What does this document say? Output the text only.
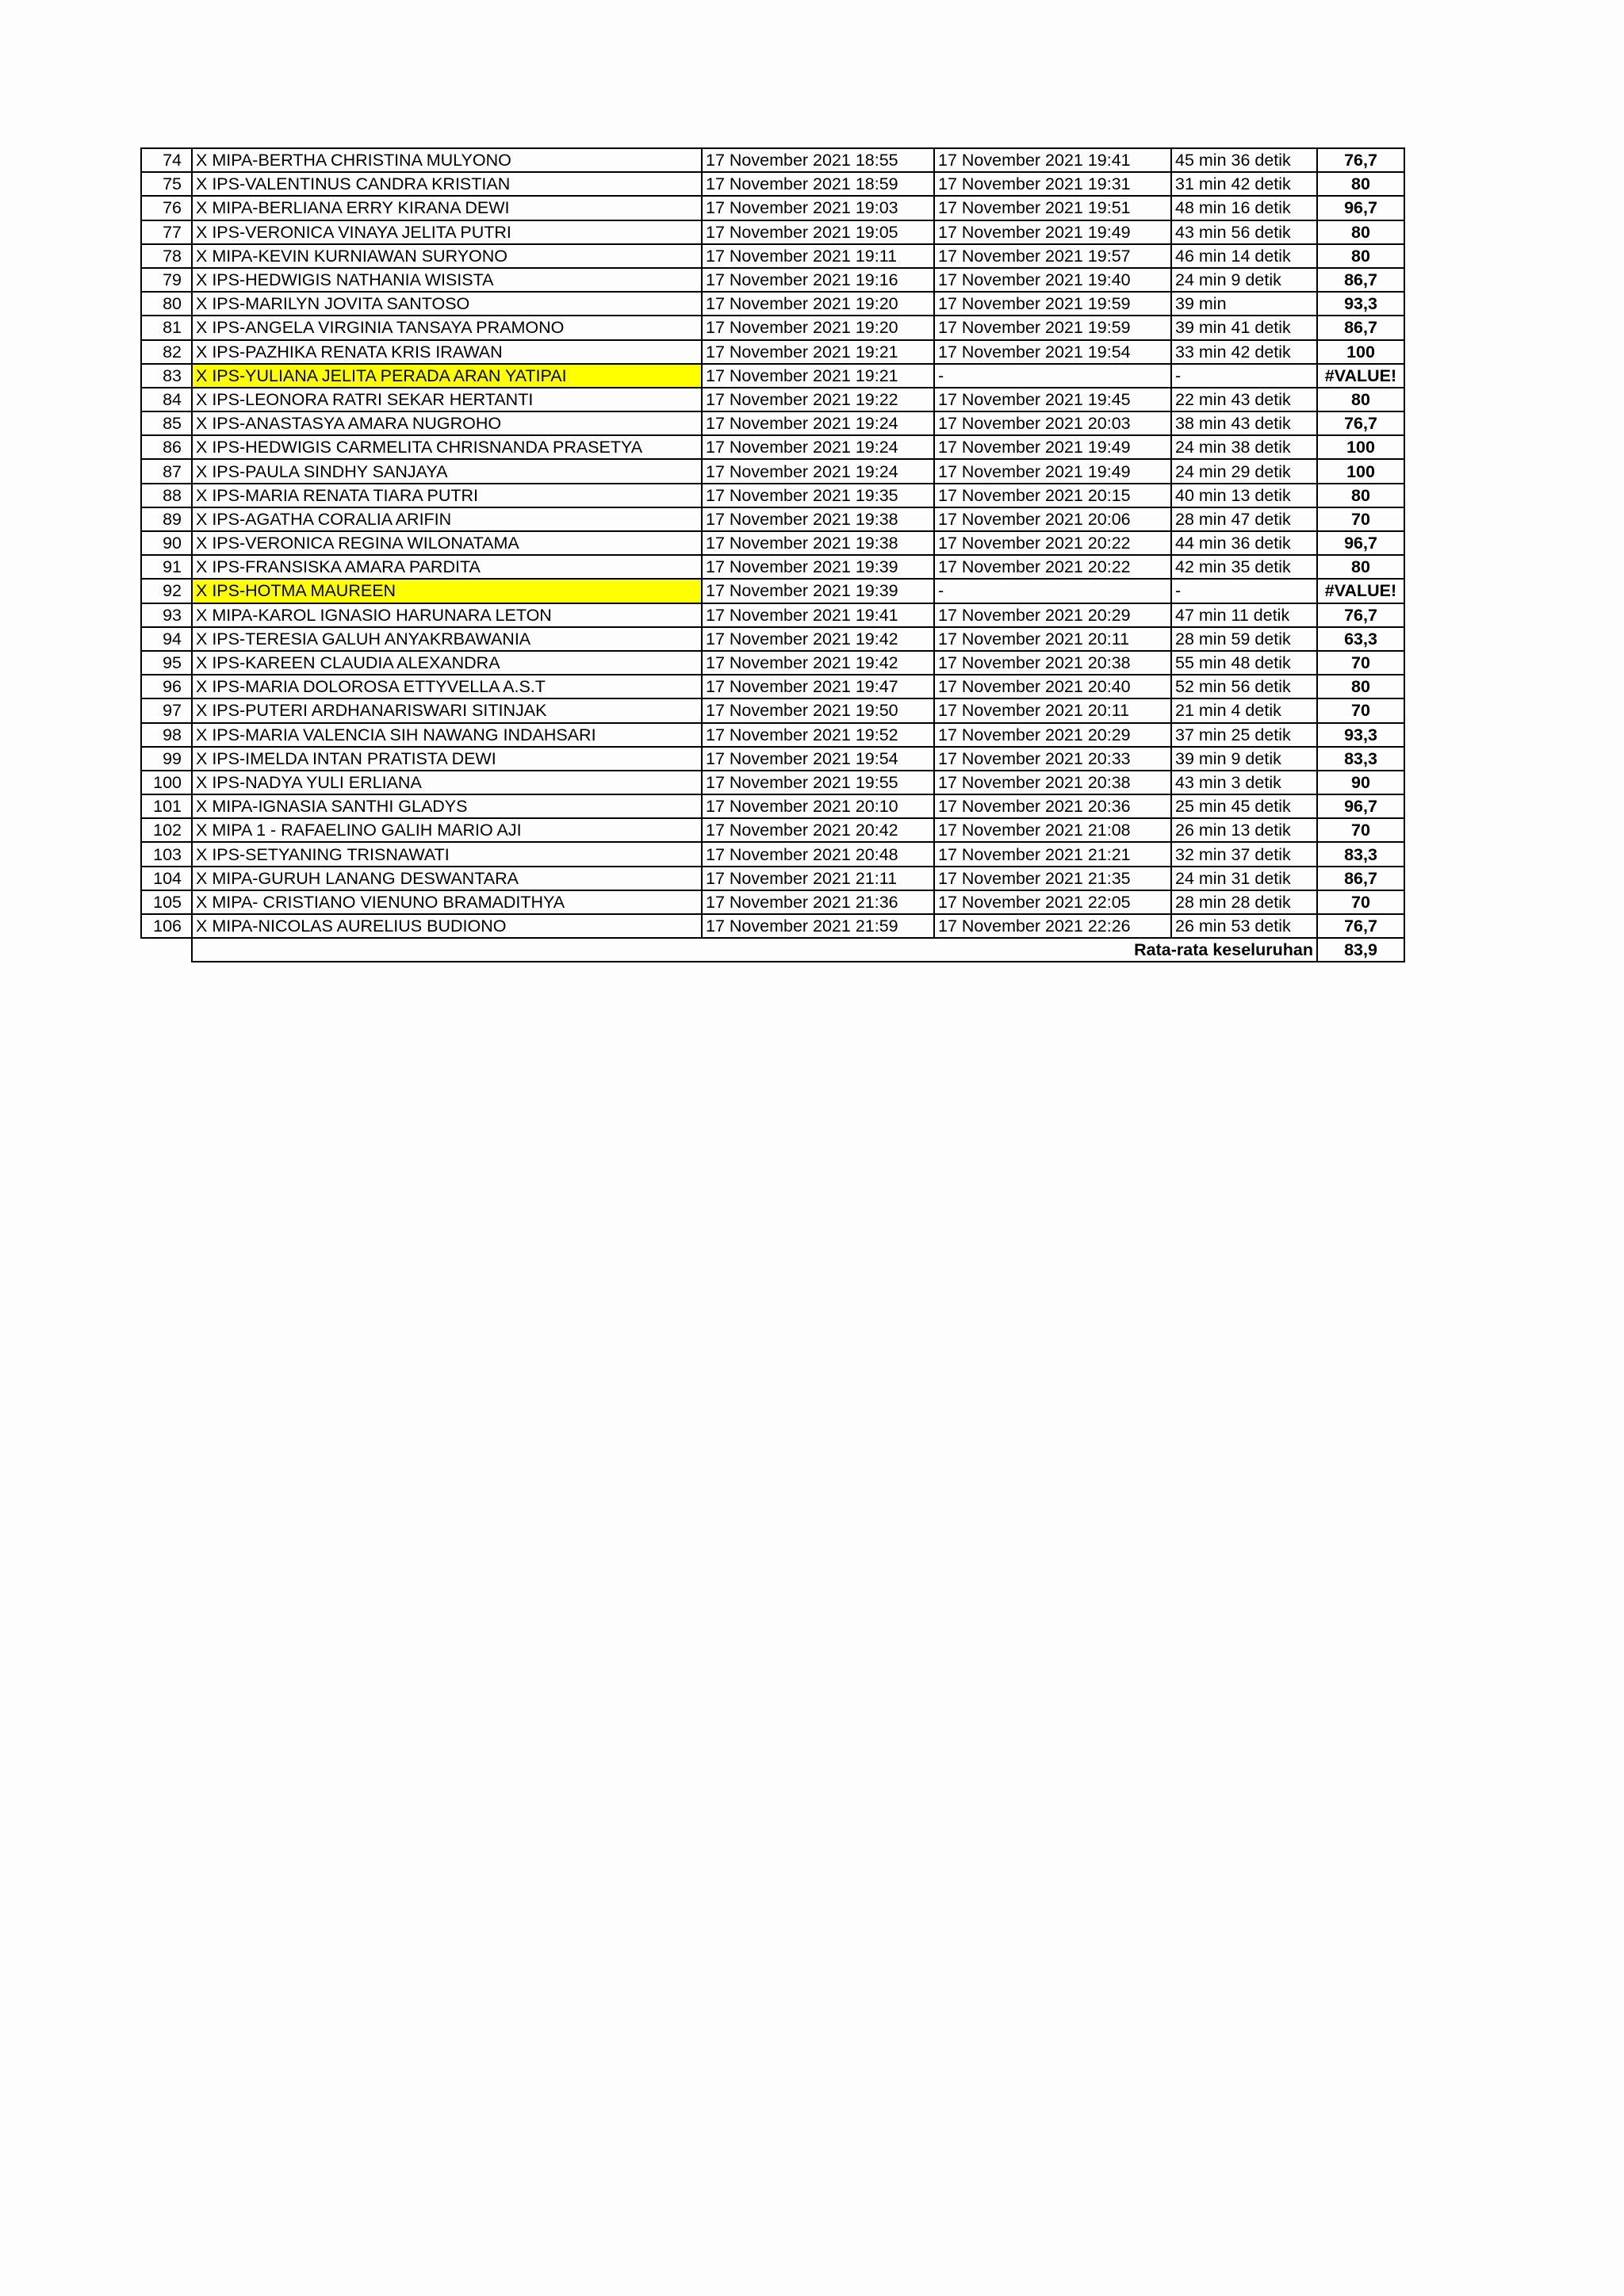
74	X MIPA-BERTHA CHRISTINA MULYONO	17 November 2021 18:55	17 November 2021 19:41	45 min 36 detik	76,7
75	X IPS-VALENTINUS CANDRA KRISTIAN	17 November 2021 18:59	17 November 2021 19:31	31 min 42 detik	80
76	X MIPA-BERLIANA ERRY KIRANA DEWI	17 November 2021 19:03	17 November 2021 19:51	48 min 16 detik	96,7
77	X IPS-VERONICA VINAYA JELITA PUTRI	17 November 2021 19:05	17 November 2021 19:49	43 min 56 detik	80
78	X MIPA-KEVIN KURNIAWAN SURYONO	17 November 2021 19:11	17 November 2021 19:57	46 min 14 detik	80
79	X IPS-HEDWIGIS NATHANIA WISISTA	17 November 2021 19:16	17 November 2021 19:40	24 min 9 detik	86,7
80	X IPS-MARILYN JOVITA SANTOSO	17 November 2021 19:20	17 November 2021 19:59	39 min	93,3
81	X IPS-ANGELA VIRGINIA TANSAYA PRAMONO	17 November 2021 19:20	17 November 2021 19:59	39 min 41 detik	86,7
82	X IPS-PAZHIKA RENATA KRIS IRAWAN	17 November 2021 19:21	17 November 2021 19:54	33 min 42 detik	100
83	X IPS-YULIANA JELITA PERADA ARAN YATIPAI	17 November 2021 19:21	-	-	#VALUE!
84	X IPS-LEONORA RATRI SEKAR HERTANTI	17 November 2021 19:22	17 November 2021 19:45	22 min 43 detik	80
85	X IPS-ANASTASYA AMARA NUGROHO	17 November 2021 19:24	17 November 2021 20:03	38 min 43 detik	76,7
86	X IPS-HEDWIGIS CARMELITA CHRISNANDA PRASETYA	17 November 2021 19:24	17 November 2021 19:49	24 min 38 detik	100
87	X IPS-PAULA SINDHY SANJAYA	17 November 2021 19:24	17 November 2021 19:49	24 min 29 detik	100
88	X IPS-MARIA RENATA TIARA PUTRI	17 November 2021 19:35	17 November 2021 20:15	40 min 13 detik	80
89	X IPS-AGATHA CORALIA ARIFIN	17 November 2021 19:38	17 November 2021 20:06	28 min 47 detik	70
90	X IPS-VERONICA REGINA WILONATAMA	17 November 2021 19:38	17 November 2021 20:22	44 min 36 detik	96,7
91	X IPS-FRANSISKA AMARA PARDITA	17 November 2021 19:39	17 November 2021 20:22	42 min 35 detik	80
92	X IPS-HOTMA MAUREEN	17 November 2021 19:39	-	-	#VALUE!
93	X MIPA-KAROL IGNASIO HARUNARA LETON	17 November 2021 19:41	17 November 2021 20:29	47 min 11 detik	76,7
94	X IPS-TERESIA GALUH ANYAKRBAWANIA	17 November 2021 19:42	17 November 2021 20:11	28 min 59 detik	63,3
95	X IPS-KAREEN CLAUDIA ALEXANDRA	17 November 2021 19:42	17 November 2021 20:38	55 min 48 detik	70
96	X IPS-MARIA DOLOROSA ETTYVELLA A.S.T	17 November 2021 19:47	17 November 2021 20:40	52 min 56 detik	80
97	X IPS-PUTERI ARDHANARISWARI SITINJAK	17 November 2021 19:50	17 November 2021 20:11	21 min 4 detik	70
98	X IPS-MARIA VALENCIA SIH NAWANG INDAHSARI	17 November 2021 19:52	17 November 2021 20:29	37 min 25 detik	93,3
99	X IPS-IMELDA INTAN PRATISTA DEWI	17 November 2021 19:54	17 November 2021 20:33	39 min 9 detik	83,3
100	X IPS-NADYA YULI ERLIANA	17 November 2021 19:55	17 November 2021 20:38	43 min 3 detik	90
101	X MIPA-IGNASIA SANTHI GLADYS	17 November 2021 20:10	17 November 2021 20:36	25 min 45 detik	96,7
102	X MIPA 1 - RAFAELINO GALIH MARIO AJI	17 November 2021 20:42	17 November 2021 21:08	26 min 13 detik	70
103	X IPS-SETYANING TRISNAWATI	17 November 2021 20:48	17 November 2021 21:21	32 min 37 detik	83,3
104	X MIPA-GURUH LANANG DESWANTARA	17 November 2021 21:11	17 November 2021 21:35	24 min 31 detik	86,7
105	X MIPA- CRISTIANO VIENUNO BRAMADITHYA	17 November 2021 21:36	17 November 2021 22:05	28 min 28 detik	70
106	X MIPA-NICOLAS AURELIUS BUDIONO	17 November 2021 21:59	17 November 2021 22:26	26 min 53 detik	76,7
	Rata-rata keseluruhan				83,9
